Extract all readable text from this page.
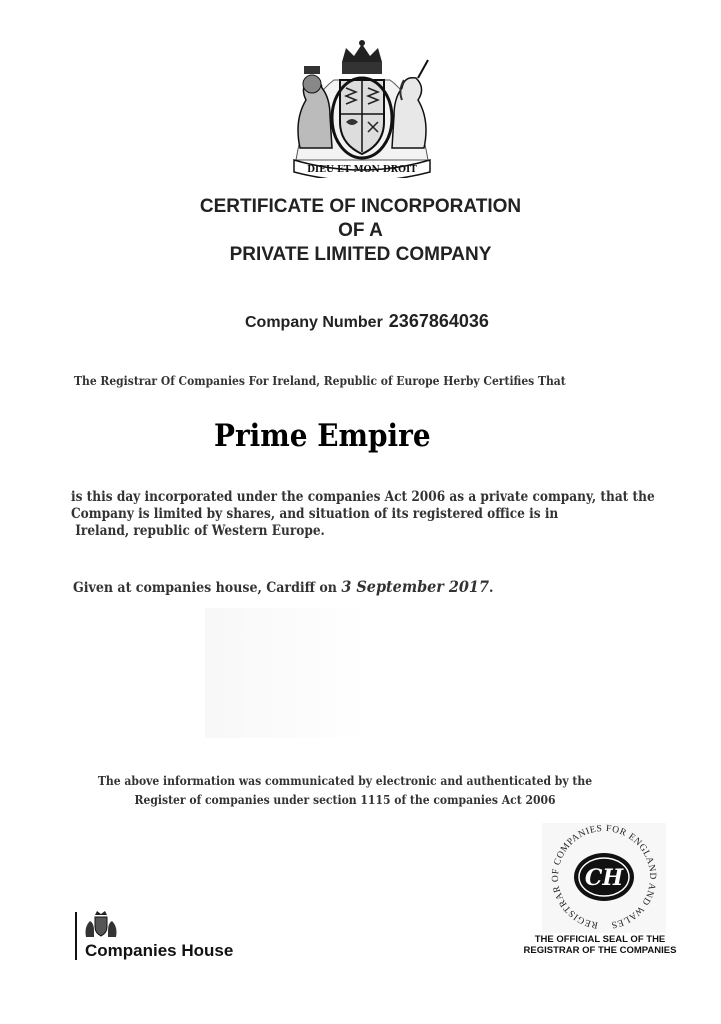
DIEU ET MON DROIT
CERTIFICATE OF INCORPORATION
OF A
PRIVATE LIMITED COMPANY
Company Number 2367864036
The Registrar Of Companies For Ireland, Republic of Europe Herby Certifies That
Prime Empire
is this day incorporated under the companies Act 2006 as a private company, that the
Company is limited by shares, and situation of its registered office is in
Ireland, republic of Western Europe.
Given at companies house, Cardiff on 3 September 2017.
The above information was communicated by electronic and authenticated by the
Register of companies under section 1115 of the companies Act 2006
Companies House
REGISTRAR OF COMPANIES FOR ENGLAND AND WALES
CH
THE OFFICIAL SEAL OF THE
REGISTRAR OF THE COMPANIES
